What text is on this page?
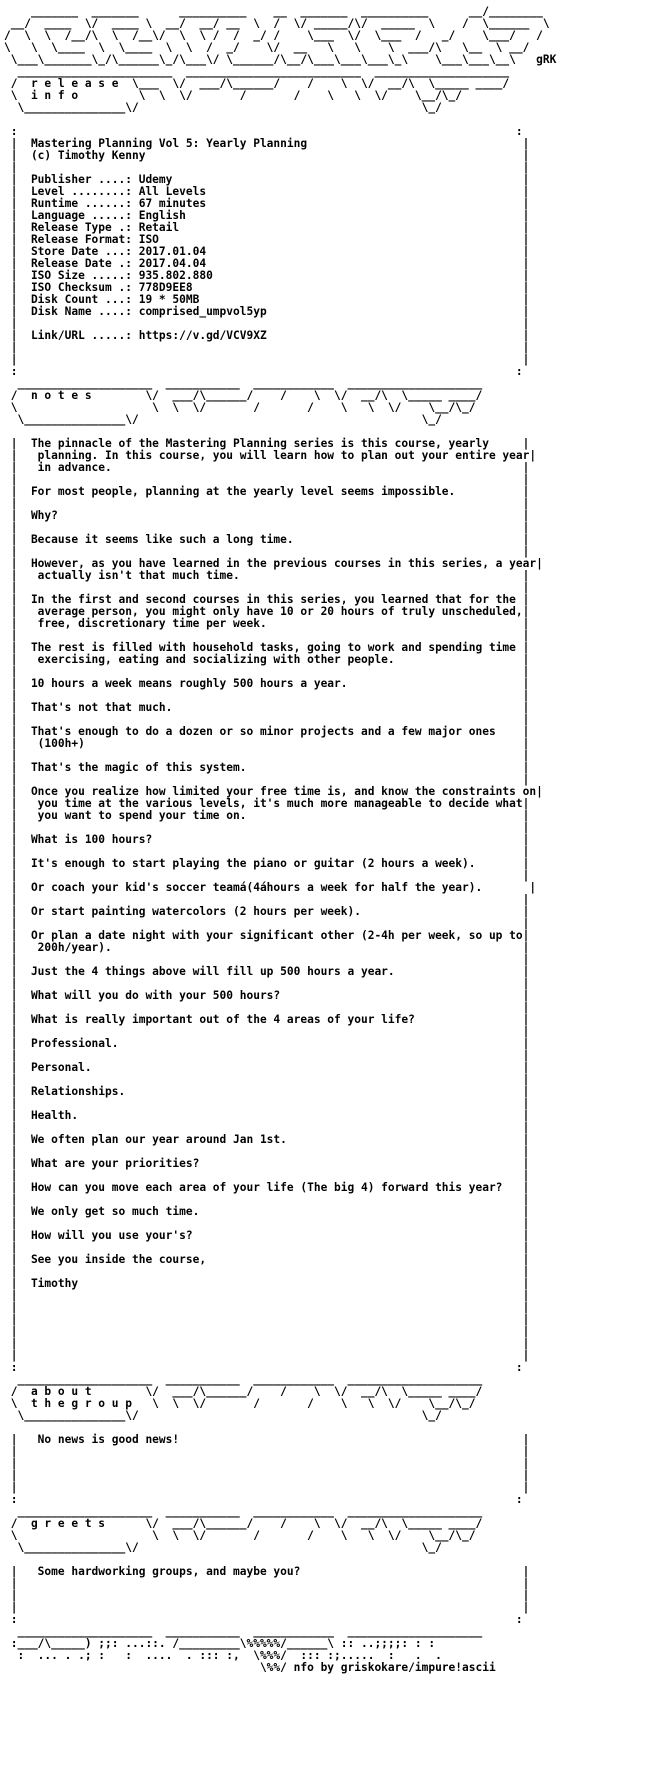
_______  _______      __________    __  _______  __________      __/________
__/  ____  \/  ____ \  __/  __/ __  \  /  \/ _____/\/  _____  \    /  \______  \
/  \  \  /__/\  \  /__\/  \  \ /  /  _/ /    \___  \/  \___  /   _/    \___/   /
\   \  \____  \  \____  \  \  /  _/    \/  __   \   \    \  ___/\   \__  \ __/
\___\_______\_/\______\_/\___\/ \______/\__/\___\___\___\_\    \___\___\__\   gRK
_______________________  __________________________  ____________________
/  r e l e a s e  \___  \/  ___/\______/    /    \  \/  __/\  \_____ ____/
\  i n f o         \  \  \/       /       /    \   \  \/    \__/\_/
\_______________\/                                          \_/

:                                                                          :
|  Mastering Planning Vol 5: Yearly Planning                                |
|  (c) Timothy Kenny                                                        |
|                                                                           |
|  Publisher ....: Udemy                                                    |
|  Level ........: All Levels                                               |
|  Runtime ......: 67 minutes                                               |
|  Language .....: English                                                  |
|  Release Type .: Retail                                                   |
|  Release Format: ISO                                                      |
|  Store Date ...: 2017.01.04                                               |
|  Release Date .: 2017.04.04                                               |
|  ISO Size .....: 935.802.880                                              |
|  ISO Checksum .: 778D9EE8                                                 |
|  Disk Count ...: 19 * 50MB                                                |
|  Disk Name ....: comprised_umpvol5yp                                      |
|                                                                           |
|  Link/URL .....: https://v.gd/VCV9XZ                                      |
|                                                                           |
|                                                                           |
:                                                                          :
____________________  ___________  ____________  ____________________
/  n o t e s        \/  ___/\______/    /    \  \/  __/\  \_____ ____/
\                    \  \  \/       /       /    \   \  \/    \__/\_/
\_______________\/                                          \_/

|  The pinnacle of the Mastering Planning series is this course, yearly     |
|   planning. In this course, you will learn how to plan out your entire year|
|   in advance.                                                             |
|                                                                           |
|  For most people, planning at the yearly level seems impossible.          |
|                                                                           |
|  Why?                                                                     |
|                                                                           |
|  Because it seems like such a long time.                                  |
|                                                                           |
|  However, as you have learned in the previous courses in this series, a year|
|   actually isn't that much time.                                          |
|                                                                           |
|  In the first and second courses in this series, you learned that for the |
|   average person, you might only have 10 or 20 hours of truly unscheduled,|
|   free, discretionary time per week.                                      |
|                                                                           |
|  The rest is filled with household tasks, going to work and spending time |
|   exercising, eating and socializing with other people.                   |
|                                                                           |
|  10 hours a week means roughly 500 hours a year.                          |
|                                                                           |
|  That's not that much.                                                    |
|                                                                           |
|  That's enough to do a dozen or so minor projects and a few major ones    |
|   (100h+)                                                                 |
|                                                                           |
|  That's the magic of this system.                                         |
|                                                                           |
|  Once you realize how limited your free time is, and know the constraints on|
|   you time at the various levels, it's much more manageable to decide what|
|   you want to spend your time on.                                         |
|                                                                           |
|  What is 100 hours?                                                       |
|                                                                           |
|  It's enough to start playing the piano or guitar (2 hours a week).       |
|                                                                           |
|  Or coach your kid's soccer teamá(4áhours a week for half the year).       |
|                                                                           |
|  Or start painting watercolors (2 hours per week).                        |
|                                                                           |
|  Or plan a date night with your significant other (2-4h per week, so up to|
|   200h/year).                                                             |
|                                                                           |
|  Just the 4 things above will fill up 500 hours a year.                   |
|                                                                           |
|  What will you do with your 500 hours?                                    |
|                                                                           |
|  What is really important out of the 4 areas of your life?                |
|                                                                           |
|  Professional.                                                            |
|                                                                           |
|  Personal.                                                                |
|                                                                           |
|  Relationships.                                                           |
|                                                                           |
|  Health.                                                                  |
|                                                                           |
|  We often plan our year around Jan 1st.                                   |
|                                                                           |
|  What are your priorities?                                                |
|                                                                           |
|  How can you move each area of your life (The big 4) forward this year?   |
|                                                                           |
|  We only get so much time.                                                |
|                                                                           |
|  How will you use your's?                                                 |
|                                                                           |
|  See you inside the course,                                               |
|                                                                           |
|  Timothy                                                                  |
|                                                                           |
|                                                                           |
|                                                                           |
|                                                                           |
|                                                                           |
|                                                                           |
:                                                                          :
____________________  ___________  ____________  ____________________
/  a b o u t        \/  ___/\______/    /    \  \/  __/\  \_____ ____/
\  t h e g r o u p   \  \  \/       /       /    \   \  \/    \__/\_/
\_______________\/                                          \_/

|   No news is good news!                                                   |
|                                                                           |
|                                                                           |
|                                                                           |
|                                                                           |
:                                                                          :
____________________  ___________  ____________  ____________________
/  g r e e t s      \/  ___/\______/    /    \  \/  __/\  \_____ ____/
\                    \  \  \/       /       /    \   \  \/    \__/\_/
\_______________\/                                          \_/

|   Some hardworking groups, and maybe you?                                 |
|                                                                           |
|                                                                           |
|                                                                           |
:                                                                          :
____________________  ___________  ____________  ____________________
:___/\_____) ;;: ...::. /_________\%%%%%/______\ :: ..;;;;: : :
:  ... . .; :   :  ....  . ::: :,  \%%%/  ::: :;.....  :   .  .
\%%/ nfo by griskokare/impure!ascii
